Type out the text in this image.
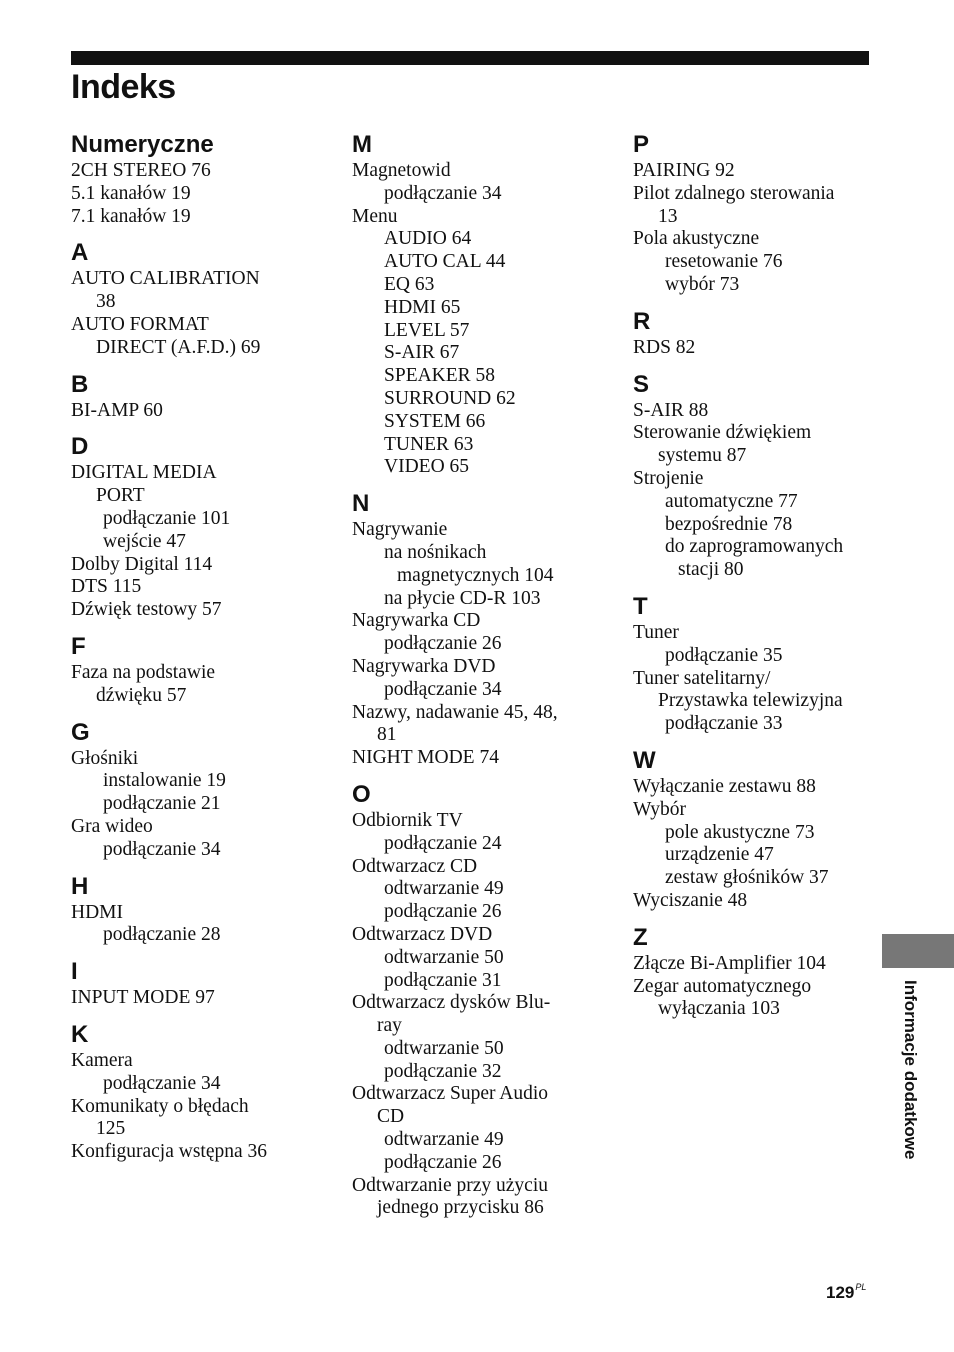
Indeks
Numeryczne
2CH STEREO 76
5.1 kanałów 19
7.1 kanałów 19
A
AUTO CALIBRATION
38
AUTO FORMAT
DIRECT (A.F.D.) 69
B
BI-AMP 60
D
DIGITAL MEDIA
PORT
podłączanie 101
wejście 47
Dolby Digital 114
DTS 115
Dźwięk testowy 57
F
Faza na podstawie
dźwięku 57
G
Głośniki
instalowanie 19
podłączanie 21
Gra wideo
podłączanie 34
H
HDMI
podłączanie 28
I
INPUT MODE 97
K
Kamera
podłączanie 34
Komunikaty o błędach
125
Konfiguracja wstępna 36
M
Magnetowid
podłączanie 34
Menu
AUDIO 64
AUTO CAL 44
EQ 63
HDMI 65
LEVEL 57
S-AIR 67
SPEAKER 58
SURROUND 62
SYSTEM 66
TUNER 63
VIDEO 65
N
Nagrywanie
na nośnikach
magnetycznych 104
na płycie CD-R 103
Nagrywarka CD
podłączanie 26
Nagrywarka DVD
podłączanie 34
Nazwy, nadawanie 45, 48,
81
NIGHT MODE 74
O
Odbiornik TV
podłączanie 24
Odtwarzacz CD
odtwarzanie 49
podłączanie 26
Odtwarzacz DVD
odtwarzanie 50
podłączanie 31
Odtwarzacz dysków Blu-
ray
odtwarzanie 50
podłączanie 32
Odtwarzacz Super Audio
CD
odtwarzanie 49
podłączanie 26
Odtwarzanie przy użyciu
jednego przycisku 86
P
PAIRING 92
Pilot zdalnego sterowania
13
Pola akustyczne
resetowanie 76
wybór 73
R
RDS 82
S
S-AIR 88
Sterowanie dźwiękiem
systemu 87
Strojenie
automatyczne 77
bezpośrednie 78
do zaprogramowanych
stacji 80
T
Tuner
podłączanie 35
Tuner satelitarny/
Przystawka telewizyjna
podłączanie 33
W
Wyłączanie zestawu 88
Wybór
pole akustyczne 73
urządzenie 47
zestaw głośników 37
Wyciszanie 48
Z
Złącze Bi-Amplifier 104
Zegar automatycznego
wyłączania 103	Informacje dodatkowe
$129^{PL}$
